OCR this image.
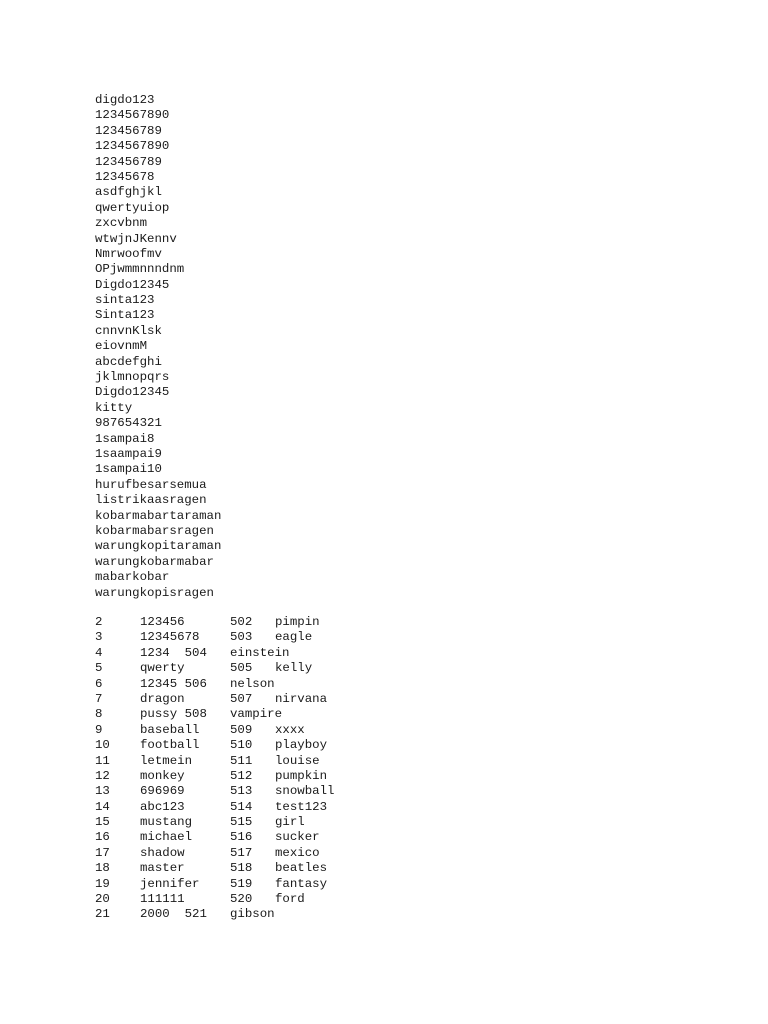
digdo123
1234567890
123456789
1234567890
123456789
12345678
asdfghjkl
qwertyuiop
zxcvbnm
wtwjnJKennv
Nmrwoofmv
OPjwmmnnndnm
Digdo12345
sinta123
Sinta123
cnnvnKlsk
eiovnmM
abcdefghi
jklmnopqrs
Digdo12345
kitty
987654321
1sampai8
1saampai9
1sampai10
hurufbesarsemua
listrikaasragen
kobarmabartaraman
kobarmabarsragen
warungkopitaraman
warungkobarmabar
mabarkobar
warungkopisragen
2	123456	502 pimpin
3	12345678 503 eagle
4	1234  504 einstein
5	qwerty	505 kelly
6	12345 506 nelson
7	dragon	507 nirvana
8	pussy 508 vampire
9	baseball 509 xxxx
10 football 510 playboy
11 letmein	511 louise
12 monkey	512 pumpkin
13 696969	513 snowball
14 abc123	514 test123
15 mustang	515 girl
16 michael	516 sucker
17 shadow	517 mexico
18 master	518 beatles
19 jennifer 519 fantasy
20 111111	520 ford
21 2000  521 gibson
